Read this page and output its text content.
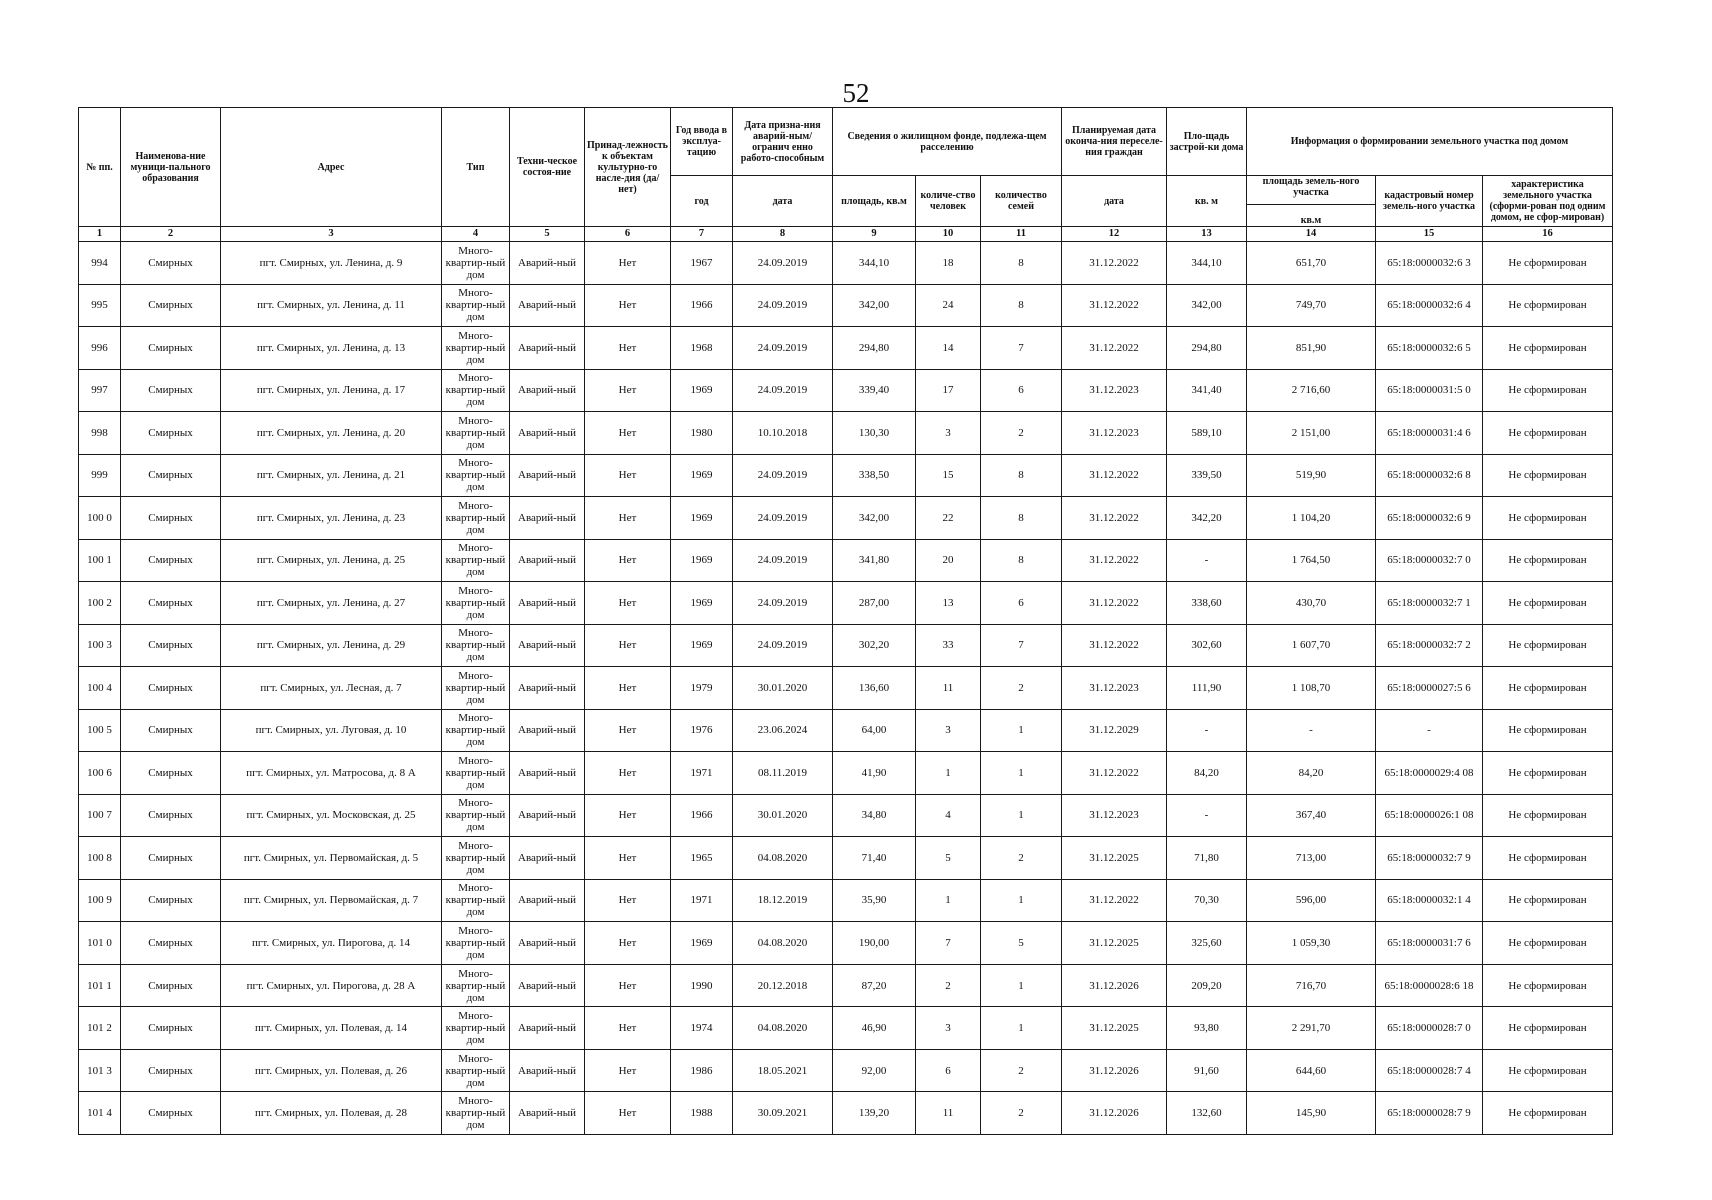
52
№ пп.	Наименова-ние муници-пального образования	Адрес	Тип	Техни-ческое состоя-ние	Принад-лежность к объектам культурно-го насле-дия (да/нет)	Год ввода в эксплуа-тацию	Дата призна-ния аварий-ным/огранич енно работо-способным	Сведения о жилищном фонде, подлежа-щем расселению			Планируемая дата оконча-ния переселе-ния граждан	Пло-щадь застрой-ки дома	Информация о формировании земельного участка под домом		
						год	дата	площадь, кв.м	количе-ство человек	количество семей	дата	кв. м	площадь земель-ного участка
кв.м	кадастровый номер земель-ного участка	характеристика земельного участка (сформи-рован под одним домом, не сфор-мирован)
1	2	3	4	5	6	7	8	9	10	11	12	13	14	15	16
994	Смирных	пгт. Смирных, ул. Ленина, д. 9	Много-квартир-ный дом	Аварий-ный	Нет	1967	24.09.2019	344,10	18	8	31.12.2022	344,10	651,70	65:18:0000032:6 3	Не сформирован
995	Смирных	пгт. Смирных, ул. Ленина, д. 11	Много-квартир-ный дом	Аварий-ный	Нет	1966	24.09.2019	342,00	24	8	31.12.2022	342,00	749,70	65:18:0000032:6 4	Не сформирован
996	Смирных	пгт. Смирных, ул. Ленина, д. 13	Много-квартир-ный дом	Аварий-ный	Нет	1968	24.09.2019	294,80	14	7	31.12.2022	294,80	851,90	65:18:0000032:6 5	Не сформирован
997	Смирных	пгт. Смирных, ул. Ленина, д. 17	Много-квартир-ный дом	Аварий-ный	Нет	1969	24.09.2019	339,40	17	6	31.12.2023	341,40	2 716,60	65:18:0000031:5 0	Не сформирован
998	Смирных	пгт. Смирных, ул. Ленина, д. 20	Много-квартир-ный дом	Аварий-ный	Нет	1980	10.10.2018	130,30	3	2	31.12.2023	589,10	2 151,00	65:18:0000031:4 6	Не сформирован
999	Смирных	пгт. Смирных, ул. Ленина, д. 21	Много-квартир-ный дом	Аварий-ный	Нет	1969	24.09.2019	338,50	15	8	31.12.2022	339,50	519,90	65:18:0000032:6 8	Не сформирован
100 0	Смирных	пгт. Смирных, ул. Ленина, д. 23	Много-квартир-ный дом	Аварий-ный	Нет	1969	24.09.2019	342,00	22	8	31.12.2022	342,20	1 104,20	65:18:0000032:6 9	Не сформирован
100 1	Смирных	пгт. Смирных, ул. Ленина, д. 25	Много-квартир-ный дом	Аварий-ный	Нет	1969	24.09.2019	341,80	20	8	31.12.2022	-	1 764,50	65:18:0000032:7 0	Не сформирован
100 2	Смирных	пгт. Смирных, ул. Ленина, д. 27	Много-квартир-ный дом	Аварий-ный	Нет	1969	24.09.2019	287,00	13	6	31.12.2022	338,60	430,70	65:18:0000032:7 1	Не сформирован
100 3	Смирных	пгт. Смирных, ул. Ленина, д. 29	Много-квартир-ный дом	Аварий-ный	Нет	1969	24.09.2019	302,20	33	7	31.12.2022	302,60	1 607,70	65:18:0000032:7 2	Не сформирован
100 4	Смирных	пгт. Смирных, ул. Лесная, д. 7	Много-квартир-ный дом	Аварий-ный	Нет	1979	30.01.2020	136,60	11	2	31.12.2023	111,90	1 108,70	65:18:0000027:5 6	Не сформирован
100 5	Смирных	пгт. Смирных, ул. Луговая, д. 10	Много-квартир-ный дом	Аварий-ный	Нет	1976	23.06.2024	64,00	3	1	31.12.2029	-	-	-	Не сформирован
100 6	Смирных	пгт. Смирных, ул. Матросова, д. 8 А	Много-квартир-ный дом	Аварий-ный	Нет	1971	08.11.2019	41,90	1	1	31.12.2022	84,20	84,20	65:18:0000029:4 08	Не сформирован
100 7	Смирных	пгт. Смирных, ул. Московская, д. 25	Много-квартир-ный дом	Аварий-ный	Нет	1966	30.01.2020	34,80	4	1	31.12.2023	-	367,40	65:18:0000026:1 08	Не сформирован
100 8	Смирных	пгт. Смирных, ул. Первомайская, д. 5	Много-квартир-ный дом	Аварий-ный	Нет	1965	04.08.2020	71,40	5	2	31.12.2025	71,80	713,00	65:18:0000032:7 9	Не сформирован
100 9	Смирных	пгт. Смирных, ул. Первомайская, д. 7	Много-квартир-ный дом	Аварий-ный	Нет	1971	18.12.2019	35,90	1	1	31.12.2022	70,30	596,00	65:18:0000032:1 4	Не сформирован
101 0	Смирных	пгт. Смирных, ул. Пирогова, д. 14	Много-квартир-ный дом	Аварий-ный	Нет	1969	04.08.2020	190,00	7	5	31.12.2025	325,60	1 059,30	65:18:0000031:7 6	Не сформирован
101 1	Смирных	пгт. Смирных, ул. Пирогова, д. 28 А	Много-квартир-ный дом	Аварий-ный	Нет	1990	20.12.2018	87,20	2	1	31.12.2026	209,20	716,70	65:18:0000028:6 18	Не сформирован
101 2	Смирных	пгт. Смирных, ул. Полевая, д. 14	Много-квартир-ный дом	Аварий-ный	Нет	1974	04.08.2020	46,90	3	1	31.12.2025	93,80	2 291,70	65:18:0000028:7 0	Не сформирован
101 3	Смирных	пгт. Смирных, ул. Полевая, д. 26	Много-квартир-ный дом	Аварий-ный	Нет	1986	18.05.2021	92,00	6	2	31.12.2026	91,60	644,60	65:18:0000028:7 4	Не сформирован
101 4	Смирных	пгт. Смирных, ул. Полевая, д. 28	Много-квартир-ный дом	Аварий-ный	Нет	1988	30.09.2021	139,20	11	2	31.12.2026	132,60	145,90	65:18:0000028:7 9	Не сформирован
